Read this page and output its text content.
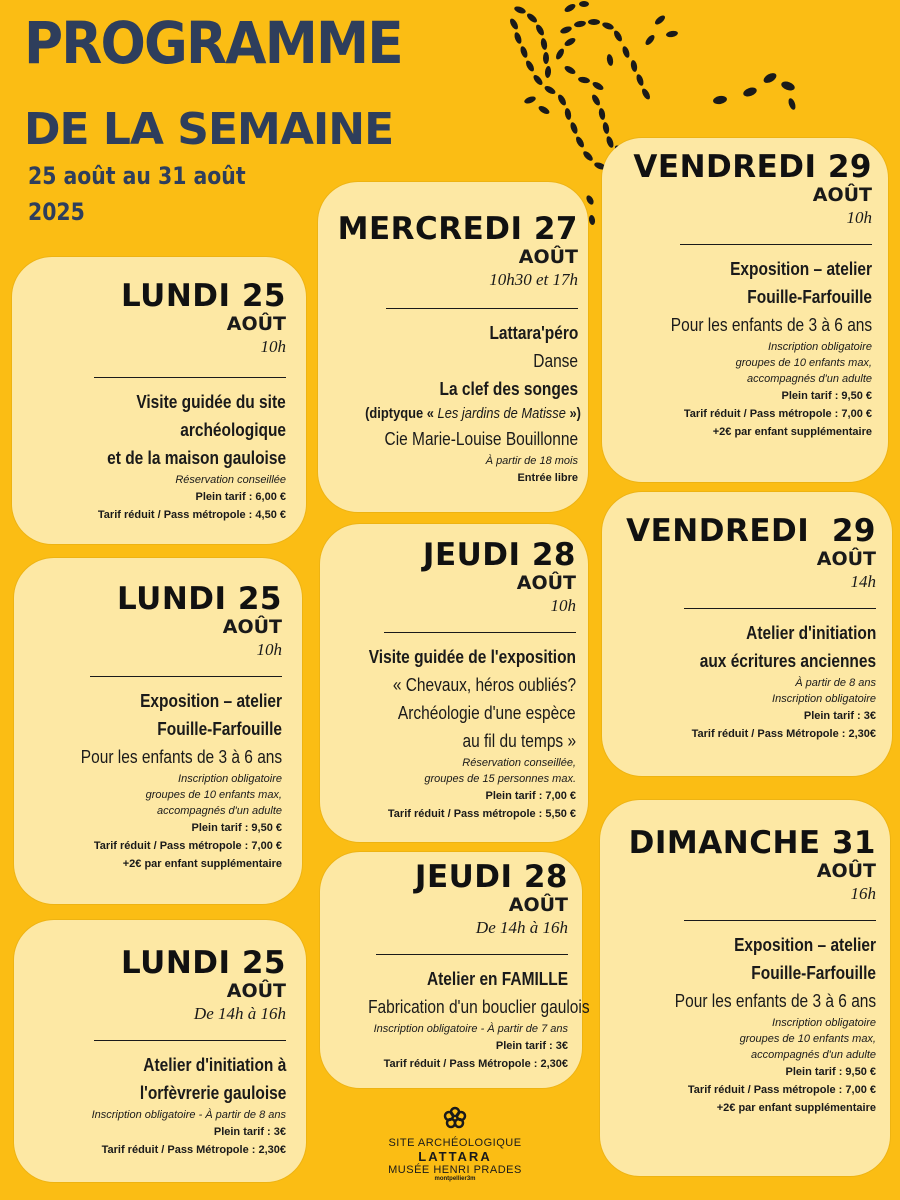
PROGRAMME
DE LA SEMAINE
25 août au 31 août
2025
LUNDI 25
AOÛT
10h
Visite guidée du site
archéologique
et de la maison gauloise
Réservation conseillée
Plein tarif : 6,00 €
Tarif réduit / Pass métropole : 4,50 €
LUNDI 25
AOÛT
10h
Exposition – atelier
Fouille-Farfouille
Pour les enfants de 3 à 6 ans
Inscription obligatoire
groupes de 10 enfants max,
accompagnés d'un adulte
Plein tarif : 9,50 €
Tarif réduit / Pass métropole : 7,00 €
+2€ par enfant supplémentaire
LUNDI 25
AOÛT
De 14h à 16h
Atelier d'initiation à
l'orfèvrerie gauloise
Inscription obligatoire - À partir de 8 ans
Plein tarif : 3€
Tarif réduit / Pass Métropole : 2,30€
MERCREDI 27
AOÛT
10h30 et 17h
Lattara'péro
Danse
La clef des songes
(diptyque « Les jardins de Matisse »)
Cie Marie-Louise Bouillonne
À partir de 18 mois
Entrée libre
JEUDI 28
AOÛT
10h
Visite guidée de l'exposition
« Chevaux, héros oubliés?
Archéologie d'une espèce
au fil du temps »
Réservation conseillée,
groupes de 15 personnes max.
Plein tarif : 7,00 €
Tarif réduit / Pass métropole : 5,50 €
JEUDI 28
AOÛT
De 14h à 16h
Atelier en FAMILLE
Fabrication d'un bouclier gaulois
Inscription obligatoire - À partir de 7 ans
Plein tarif : 3€
Tarif réduit / Pass Métropole : 2,30€
VENDREDI 29
AOÛT
10h
Exposition – atelier
Fouille-Farfouille
Pour les enfants de 3 à 6 ans
Inscription obligatoire
groupes de 10 enfants max,
accompagnés d'un adulte
Plein tarif : 9,50 €
Tarif réduit / Pass métropole : 7,00 €
+2€ par enfant supplémentaire
VENDREDI  29
AOÛT
14h
Atelier d'initiation
aux écritures anciennes
À partir de 8 ans
Inscription obligatoire
Plein tarif : 3€
Tarif réduit / Pass Métropole : 2,30€
DIMANCHE 31
AOÛT
16h
Exposition – atelier
Fouille-Farfouille
Pour les enfants de 3 à 6 ans
Inscription obligatoire
groupes de 10 enfants max,
accompagnés d'un adulte
Plein tarif : 9,50 €
Tarif réduit / Pass métropole : 7,00 €
+2€ par enfant supplémentaire
SITE ARCHÉOLOGIQUE
LATTARA
MUSÉE HENRI PRADES
montpellier3m
